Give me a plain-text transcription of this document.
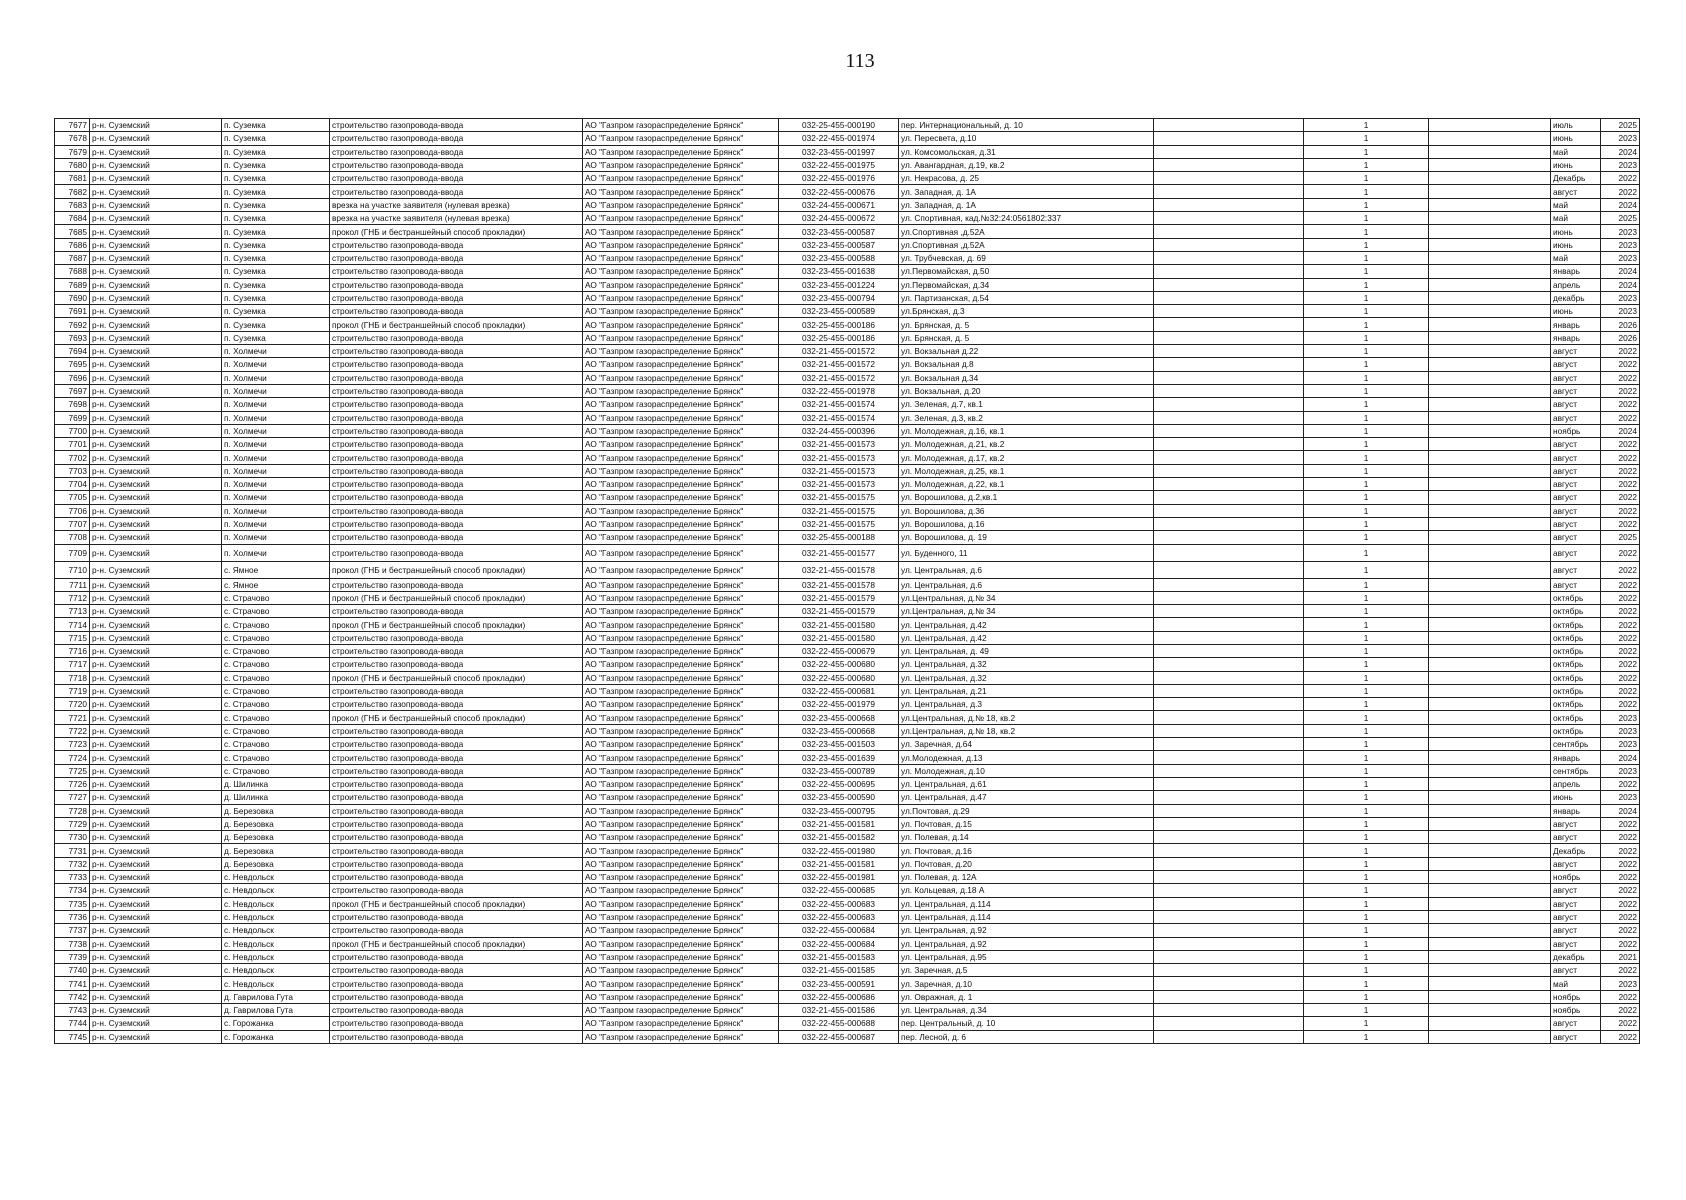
113
7677	р-н. Суземский	п. Суземка	строительство газопровода-ввода	АО "Газпром газораспределение Брянск"	032-25-455-000190	пер. Интернациональный, д. 10		1		июль	2025
7678	р-н. Суземский	п. Суземка	строительство газопровода-ввода	АО "Газпром газораспределение Брянск"	032-22-455-001974	ул. Пересвета, д.10		1		июнь	2023
7679	р-н. Суземский	п. Суземка	строительство газопровода-ввода	АО "Газпром газораспределение Брянск"	032-23-455-001997	ул. Комсомольская, д.31		1		май	2024
7680	р-н. Суземский	п. Суземка	строительство газопровода-ввода	АО "Газпром газораспределение Брянск"	032-22-455-001975	ул. Авангардная, д.19, кв.2		1		июнь	2023
7681	р-н. Суземский	п. Суземка	строительство газопровода-ввода	АО "Газпром газораспределение Брянск"	032-22-455-001976	ул. Некрасова, д. 25		1		Декабрь	2022
7682	р-н. Суземский	п. Суземка	строительство газопровода-ввода	АО "Газпром газораспределение Брянск"	032-22-455-000676	ул. Западная, д. 1А		1		август	2022
7683	р-н. Суземский	п. Суземка	врезка на участке заявителя (нулевая врезка)	АО "Газпром газораспределение Брянск"	032-24-455-000671	ул. Западная, д. 1А		1		май	2024
7684	р-н. Суземский	п. Суземка	врезка на участке заявителя (нулевая врезка)	АО "Газпром газораспределение Брянск"	032-24-455-000672	ул. Спортивная, кад.№32:24:0561802:337		1		май	2025
7685	р-н. Суземский	п. Суземка	прокол (ГНБ и бестраншейный способ прокладки)	АО "Газпром газораспределение Брянск"	032-23-455-000587	ул.Спортивная ,д.52А		1		июнь	2023
7686	р-н. Суземский	п. Суземка	строительство газопровода-ввода	АО "Газпром газораспределение Брянск"	032-23-455-000587	ул.Спортивная ,д.52А		1		июнь	2023
7687	р-н. Суземский	п. Суземка	строительство газопровода-ввода	АО "Газпром газораспределение Брянск"	032-23-455-000588	ул. Трубчевская, д. 69		1		май	2023
7688	р-н. Суземский	п. Суземка	строительство газопровода-ввода	АО "Газпром газораспределение Брянск"	032-23-455-001638	ул.Первомайская, д.50		1		январь	2024
7689	р-н. Суземский	п. Суземка	строительство газопровода-ввода	АО "Газпром газораспределение Брянск"	032-23-455-001224	ул.Первомайская, д.34		1		апрель	2024
7690	р-н. Суземский	п. Суземка	строительство газопровода-ввода	АО "Газпром газораспределение Брянск"	032-23-455-000794	ул. Партизанская, д.54		1		декабрь	2023
7691	р-н. Суземский	п. Суземка	строительство газопровода-ввода	АО "Газпром газораспределение Брянск"	032-23-455-000589	ул.Брянская, д.3		1		июнь	2023
7692	р-н. Суземский	п. Суземка	прокол (ГНБ и бестраншейный способ прокладки)	АО "Газпром газораспределение Брянск"	032-25-455-000186	ул. Брянская, д. 5		1		январь	2026
7693	р-н. Суземский	п. Суземка	строительство газопровода-ввода	АО "Газпром газораспределение Брянск"	032-25-455-000186	ул. Брянская, д. 5		1		январь	2026
7694	р-н. Суземский	п. Холмечи	строительство газопровода-ввода	АО "Газпром газораспределение Брянск"	032-21-455-001572	ул. Вокзальная д.22		1		август	2022
7695	р-н. Суземский	п. Холмечи	строительство газопровода-ввода	АО "Газпром газораспределение Брянск"	032-21-455-001572	ул. Вокзальная д.8		1		август	2022
7696	р-н. Суземский	п. Холмечи	строительство газопровода-ввода	АО "Газпром газораспределение Брянск"	032-21-455-001572	ул. Вокзальная д.34		1		август	2022
7697	р-н. Суземский	п. Холмечи	строительство газопровода-ввода	АО "Газпром газораспределение Брянск"	032-22-455-001978	ул. Вокзальная, д.20		1		август	2022
7698	р-н. Суземский	п. Холмечи	строительство газопровода-ввода	АО "Газпром газораспределение Брянск"	032-21-455-001574	ул. Зеленая, д.7, кв.1		1		август	2022
7699	р-н. Суземский	п. Холмечи	строительство газопровода-ввода	АО "Газпром газораспределение Брянск"	032-21-455-001574	ул. Зеленая, д.3, кв.2		1		август	2022
7700	р-н. Суземский	п. Холмечи	строительство газопровода-ввода	АО "Газпром газораспределение Брянск"	032-24-455-000396	ул. Молодежная, д.16, кв.1		1		ноябрь	2024
7701	р-н. Суземский	п. Холмечи	строительство газопровода-ввода	АО "Газпром газораспределение Брянск"	032-21-455-001573	ул. Молодежная, д.21, кв.2		1		август	2022
7702	р-н. Суземский	п. Холмечи	строительство газопровода-ввода	АО "Газпром газораспределение Брянск"	032-21-455-001573	ул. Молодежная, д.17, кв.2		1		август	2022
7703	р-н. Суземский	п. Холмечи	строительство газопровода-ввода	АО "Газпром газораспределение Брянск"	032-21-455-001573	ул. Молодежная, д.25, кв.1		1		август	2022
7704	р-н. Суземский	п. Холмечи	строительство газопровода-ввода	АО "Газпром газораспределение Брянск"	032-21-455-001573	ул. Молодежная, д.22, кв.1		1		август	2022
7705	р-н. Суземский	п. Холмечи	строительство газопровода-ввода	АО "Газпром газораспределение Брянск"	032-21-455-001575	ул. Ворошилова, д.2,кв.1		1		август	2022
7706	р-н. Суземский	п. Холмечи	строительство газопровода-ввода	АО "Газпром газораспределение Брянск"	032-21-455-001575	ул. Ворошилова, д.36		1		август	2022
7707	р-н. Суземский	п. Холмечи	строительство газопровода-ввода	АО "Газпром газораспределение Брянск"	032-21-455-001575	ул. Ворошилова, д.16		1		август	2022
7708	р-н. Суземский	п. Холмечи	строительство газопровода-ввода	АО "Газпром газораспределение Брянск"	032-25-455-000188	ул. Ворошилова, д. 19		1		август	2025
7709	р-н. Суземский	п. Холмечи	строительство газопровода-ввода	АО "Газпром газораспределение Брянск"	032-21-455-001577	ул. Буденного, 11		1		август	2022
7710	р-н. Суземский	с. Ямное	прокол (ГНБ и бестраншейный способ прокладки)	АО "Газпром газораспределение Брянск"	032-21-455-001578	ул. Центральная, д.6		1		август	2022
7711	р-н. Суземский	с. Ямное	строительство газопровода-ввода	АО "Газпром газораспределение Брянск"	032-21-455-001578	ул. Центральная, д.6		1		август	2022
7712	р-н. Суземский	с. Страчово	прокол (ГНБ и бестраншейный способ прокладки)	АО "Газпром газораспределение Брянск"	032-21-455-001579	ул.Центральная, д.№ 34		1		октябрь	2022
7713	р-н. Суземский	с. Страчово	строительство газопровода-ввода	АО "Газпром газораспределение Брянск"	032-21-455-001579	ул.Центральная, д.№ 34		1		октябрь	2022
7714	р-н. Суземский	с. Страчово	прокол (ГНБ и бестраншейный способ прокладки)	АО "Газпром газораспределение Брянск"	032-21-455-001580	ул. Центральная, д.42		1		октябрь	2022
7715	р-н. Суземский	с. Страчово	строительство газопровода-ввода	АО "Газпром газораспределение Брянск"	032-21-455-001580	ул. Центральная, д.42		1		октябрь	2022
7716	р-н. Суземский	с. Страчово	строительство газопровода-ввода	АО "Газпром газораспределение Брянск"	032-22-455-000679	ул. Центральная, д. 49		1		октябрь	2022
7717	р-н. Суземский	с. Страчово	строительство газопровода-ввода	АО "Газпром газораспределение Брянск"	032-22-455-000680	ул. Центральная, д.32		1		октябрь	2022
7718	р-н. Суземский	с. Страчово	прокол (ГНБ и бестраншейный способ прокладки)	АО "Газпром газораспределение Брянск"	032-22-455-000680	ул. Центральная, д.32		1		октябрь	2022
7719	р-н. Суземский	с. Страчово	строительство газопровода-ввода	АО "Газпром газораспределение Брянск"	032-22-455-000681	ул. Центральная, д.21		1		октябрь	2022
7720	р-н. Суземский	с. Страчово	строительство газопровода-ввода	АО "Газпром газораспределение Брянск"	032-22-455-001979	ул. Центральная, д.3		1		октябрь	2022
7721	р-н. Суземский	с. Страчово	прокол (ГНБ и бестраншейный способ прокладки)	АО "Газпром газораспределение Брянск"	032-23-455-000668	ул.Центральная, д.№ 18, кв.2		1		октябрь	2023
7722	р-н. Суземский	с. Страчово	строительство газопровода-ввода	АО "Газпром газораспределение Брянск"	032-23-455-000668	ул.Центральная, д.№ 18, кв.2		1		октябрь	2023
7723	р-н. Суземский	с. Страчово	строительство газопровода-ввода	АО "Газпром газораспределение Брянск"	032-23-455-001503	ул. Заречная, д.64		1		сентябрь	2023
7724	р-н. Суземский	с. Страчово	строительство газопровода-ввода	АО "Газпром газораспределение Брянск"	032-23-455-001639	ул.Молодежная, д.13		1		январь	2024
7725	р-н. Суземский	с. Страчово	строительство газопровода-ввода	АО "Газпром газораспределение Брянск"	032-23-455-000789	ул. Молодежная, д.10		1		сентябрь	2023
7726	р-н. Суземский	д. Шилинка	строительство газопровода-ввода	АО "Газпром газораспределение Брянск"	032-22-455-000695	ул. Центральная, д.61		1		апрель	2022
7727	р-н. Суземский	д. Шилинка	строительство газопровода-ввода	АО "Газпром газораспределение Брянск"	032-23-455-000590	ул. Центральная, д.47		1		июнь	2023
7728	р-н. Суземский	д. Березовка	строительство газопровода-ввода	АО "Газпром газораспределение Брянск"	032-23-455-000795	ул.Почтовая, д.29		1		январь	2024
7729	р-н. Суземский	д. Березовка	строительство газопровода-ввода	АО "Газпром газораспределение Брянск"	032-21-455-001581	ул. Почтовая, д.15		1		август	2022
7730	р-н. Суземский	д. Березовка	строительство газопровода-ввода	АО "Газпром газораспределение Брянск"	032-21-455-001582	ул. Полевая, д.14		1		август	2022
7731	р-н. Суземский	д. Березовка	строительство газопровода-ввода	АО "Газпром газораспределение Брянск"	032-22-455-001980	ул. Почтовая, д.16		1		Декабрь	2022
7732	р-н. Суземский	д. Березовка	строительство газопровода-ввода	АО "Газпром газораспределение Брянск"	032-21-455-001581	ул. Почтовая, д.20		1		август	2022
7733	р-н. Суземский	с. Невдольск	строительство газопровода-ввода	АО "Газпром газораспределение Брянск"	032-22-455-001981	ул. Полевая, д. 12А		1		ноябрь	2022
7734	р-н. Суземский	с. Невдольск	строительство газопровода-ввода	АО "Газпром газораспределение Брянск"	032-22-455-000685	ул. Кольцевая, д.18 А		1		август	2022
7735	р-н. Суземский	с. Невдольск	прокол (ГНБ и бестраншейный способ прокладки)	АО "Газпром газораспределение Брянск"	032-22-455-000683	ул. Центральная, д.114		1		август	2022
7736	р-н. Суземский	с. Невдольск	строительство газопровода-ввода	АО "Газпром газораспределение Брянск"	032-22-455-000683	ул. Центральная, д.114		1		август	2022
7737	р-н. Суземский	с. Невдольск	строительство газопровода-ввода	АО "Газпром газораспределение Брянск"	032-22-455-000684	ул. Центральная, д.92		1		август	2022
7738	р-н. Суземский	с. Невдольск	прокол (ГНБ и бестраншейный способ прокладки)	АО "Газпром газораспределение Брянск"	032-22-455-000684	ул. Центральная, д.92		1		август	2022
7739	р-н. Суземский	с. Невдольск	строительство газопровода-ввода	АО "Газпром газораспределение Брянск"	032-21-455-001583	ул. Центральная, д.95		1		декабрь	2021
7740	р-н. Суземский	с. Невдольск	строительство газопровода-ввода	АО "Газпром газораспределение Брянск"	032-21-455-001585	ул. Заречная, д.5		1		август	2022
7741	р-н. Суземский	с. Невдольск	строительство газопровода-ввода	АО "Газпром газораспределение Брянск"	032-23-455-000591	ул. Заречная, д.10		1		май	2023
7742	р-н. Суземский	д. Гаврилова Гута	строительство газопровода-ввода	АО "Газпром газораспределение Брянск"	032-22-455-000686	ул. Овражная, д. 1		1		ноябрь	2022
7743	р-н. Суземский	д. Гаврилова Гута	строительство газопровода-ввода	АО "Газпром газораспределение Брянск"	032-21-455-001586	ул. Центральная, д.34		1		ноябрь	2022
7744	р-н. Суземский	с. Горожанка	строительство газопровода-ввода	АО "Газпром газораспределение Брянск"	032-22-455-000688	пер. Центральный, д. 10		1		август	2022
7745	р-н. Суземский	с. Горожанка	строительство газопровода-ввода	АО "Газпром газораспределение Брянск"	032-22-455-000687	пер. Лесной, д. 6		1		август	2022
